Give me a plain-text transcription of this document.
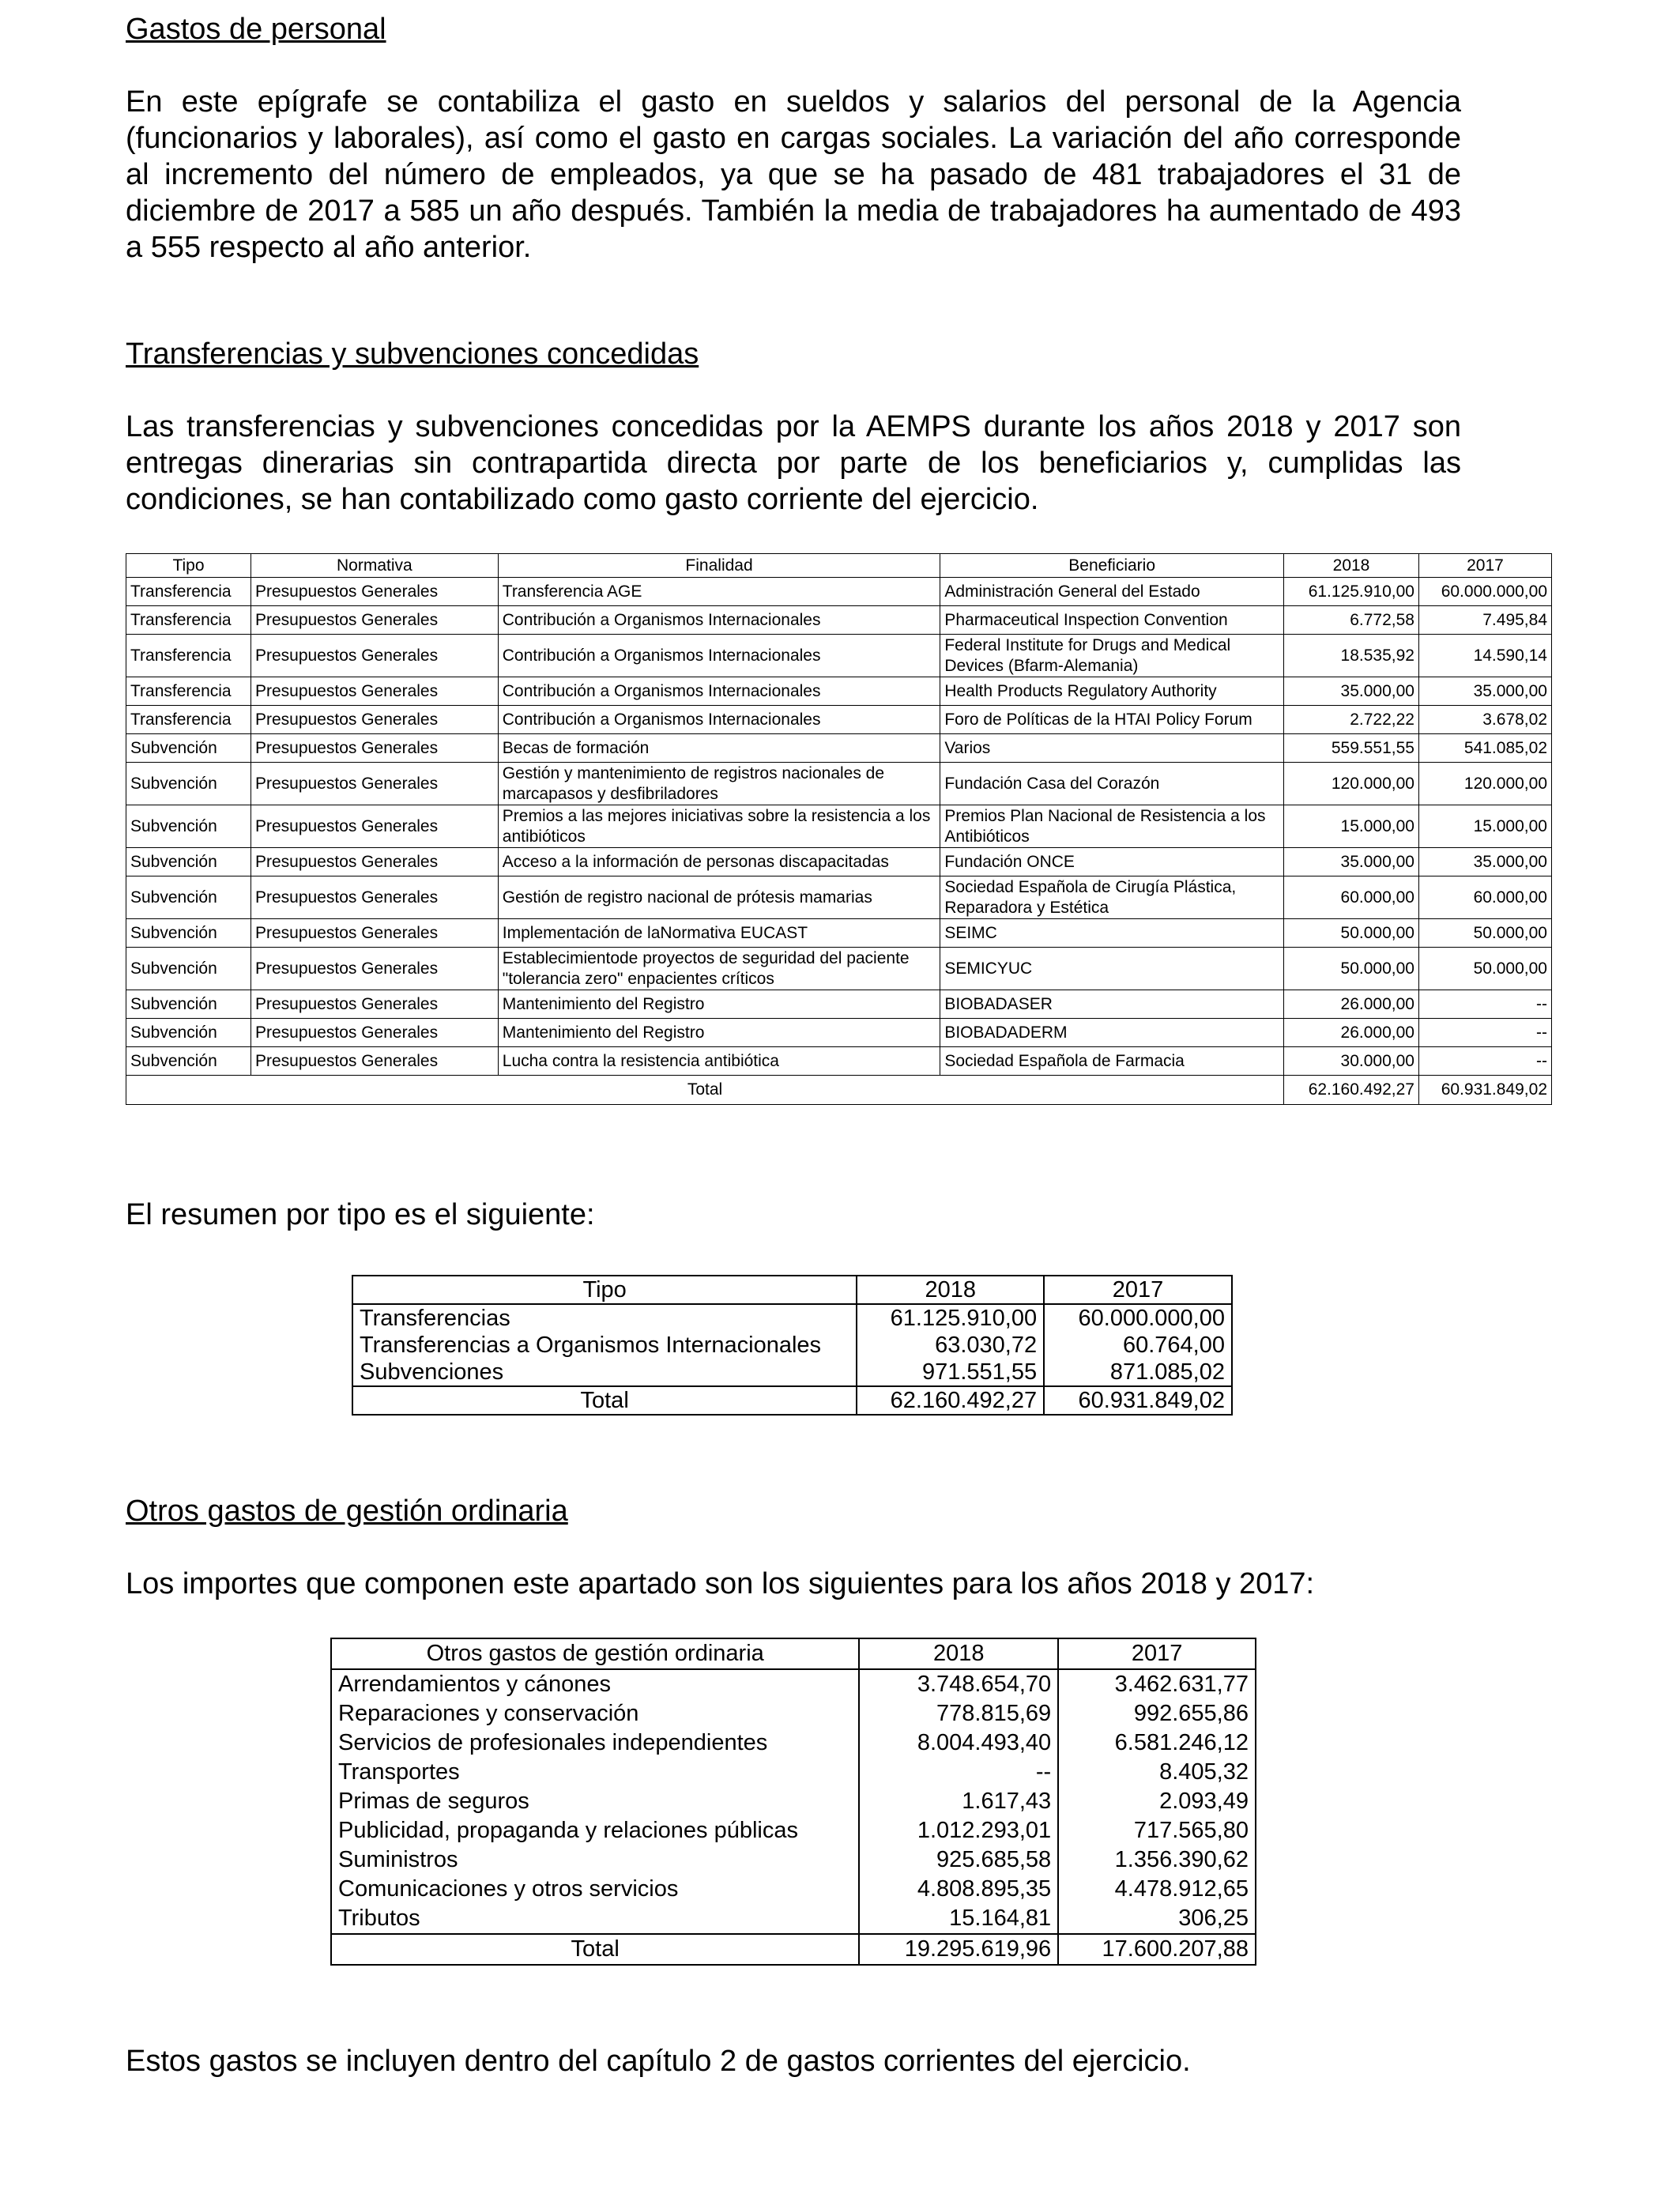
Gastos de personal

En este epígrafe se contabiliza el gasto en sueldos y salarios del personal de la Agencia (funcionarios y laborales), así como el gasto en cargas sociales. La variación del año corresponde al incremento del número de empleados, ya que se ha pasado de 481 trabajadores el 31 de diciembre de 2017 a 585 un año después. También la media de trabajadores ha aumentado de 493 a 555 respecto al año anterior.

Transferencias y subvenciones concedidas

Las transferencias y subvenciones concedidas por la AEMPS durante los años 2018 y 2017 son entregas dinerarias sin contrapartida directa por parte de los beneficiarios y, cumplidas las condiciones, se han contabilizado como gasto corriente del ejercicio.

Tipo	Normativa	Finalidad	Beneficiario	2018	2017
Transferencia	Presupuestos Generales	Transferencia AGE	Administración General del Estado	61.125.910,00	60.000.000,00
Transferencia	Presupuestos Generales	Contribución a Organismos Internacionales	Pharmaceutical Inspection Convention	6.772,58	7.495,84
Transferencia	Presupuestos Generales	Contribución a Organismos Internacionales	Federal Institute for Drugs and Medical Devices (Bfarm-Alemania)	18.535,92	14.590,14
Transferencia	Presupuestos Generales	Contribución a Organismos Internacionales	Health Products Regulatory Authority	35.000,00	35.000,00
Transferencia	Presupuestos Generales	Contribución a Organismos Internacionales	Foro de Políticas de la HTAI Policy Forum	2.722,22	3.678,02
Subvención	Presupuestos Generales	Becas de formación	Varios	559.551,55	541.085,02
Subvención	Presupuestos Generales	Gestión y mantenimiento de registros nacionales de marcapasos y desfibriladores	Fundación Casa del Corazón	120.000,00	120.000,00
Subvención	Presupuestos Generales	Premios a las mejores iniciativas sobre la resistencia a los antibióticos	Premios Plan Nacional de Resistencia a los Antibióticos	15.000,00	15.000,00
Subvención	Presupuestos Generales	Acceso a la información de personas discapacitadas	Fundación ONCE	35.000,00	35.000,00
Subvención	Presupuestos Generales	Gestión de registro nacional de prótesis mamarias	Sociedad Española de Cirugía Plástica, Reparadora y Estética	60.000,00	60.000,00
Subvención	Presupuestos Generales	Implementación de laNormativa EUCAST	SEIMC	50.000,00	50.000,00
Subvención	Presupuestos Generales	Establecimientode proyectos de seguridad del paciente "tolerancia zero" enpacientes críticos	SEMICYUC	50.000,00	50.000,00
Subvención	Presupuestos Generales	Mantenimiento del Registro	BIOBADASER	26.000,00	--
Subvención	Presupuestos Generales	Mantenimiento del Registro	BIOBADADERM	26.000,00	--
Subvención	Presupuestos Generales	Lucha contra la resistencia antibiótica	Sociedad Española de Farmacia	30.000,00	--
Total				62.160.492,27	60.931.849,02

El resumen por tipo es el siguiente:

Tipo	2018	2017
Transferencias	61.125.910,00	60.000.000,00
Transferencias a Organismos Internacionales	63.030,72	60.764,00
Subvenciones	971.551,55	871.085,02
Total	62.160.492,27	60.931.849,02
Otros gastos de gestión ordinaria

Los importes que componen este apartado son los siguientes para los años 2018 y 2017:

Otros gastos de gestión ordinaria	2018	2017
Arrendamientos y cánones	3.748.654,70	3.462.631,77
Reparaciones y conservación	778.815,69	992.655,86
Servicios de profesionales independientes	8.004.493,40	6.581.246,12
Transportes	--	8.405,32
Primas de seguros	1.617,43	2.093,49
Publicidad, propaganda y relaciones públicas	1.012.293,01	717.565,80
Suministros	925.685,58	1.356.390,62
Comunicaciones y otros servicios	4.808.895,35	4.478.912,65
Tributos	15.164,81	306,25
Total	19.295.619,96	17.600.207,88

Estos gastos se incluyen dentro del capítulo 2 de gastos corrientes del ejercicio.
